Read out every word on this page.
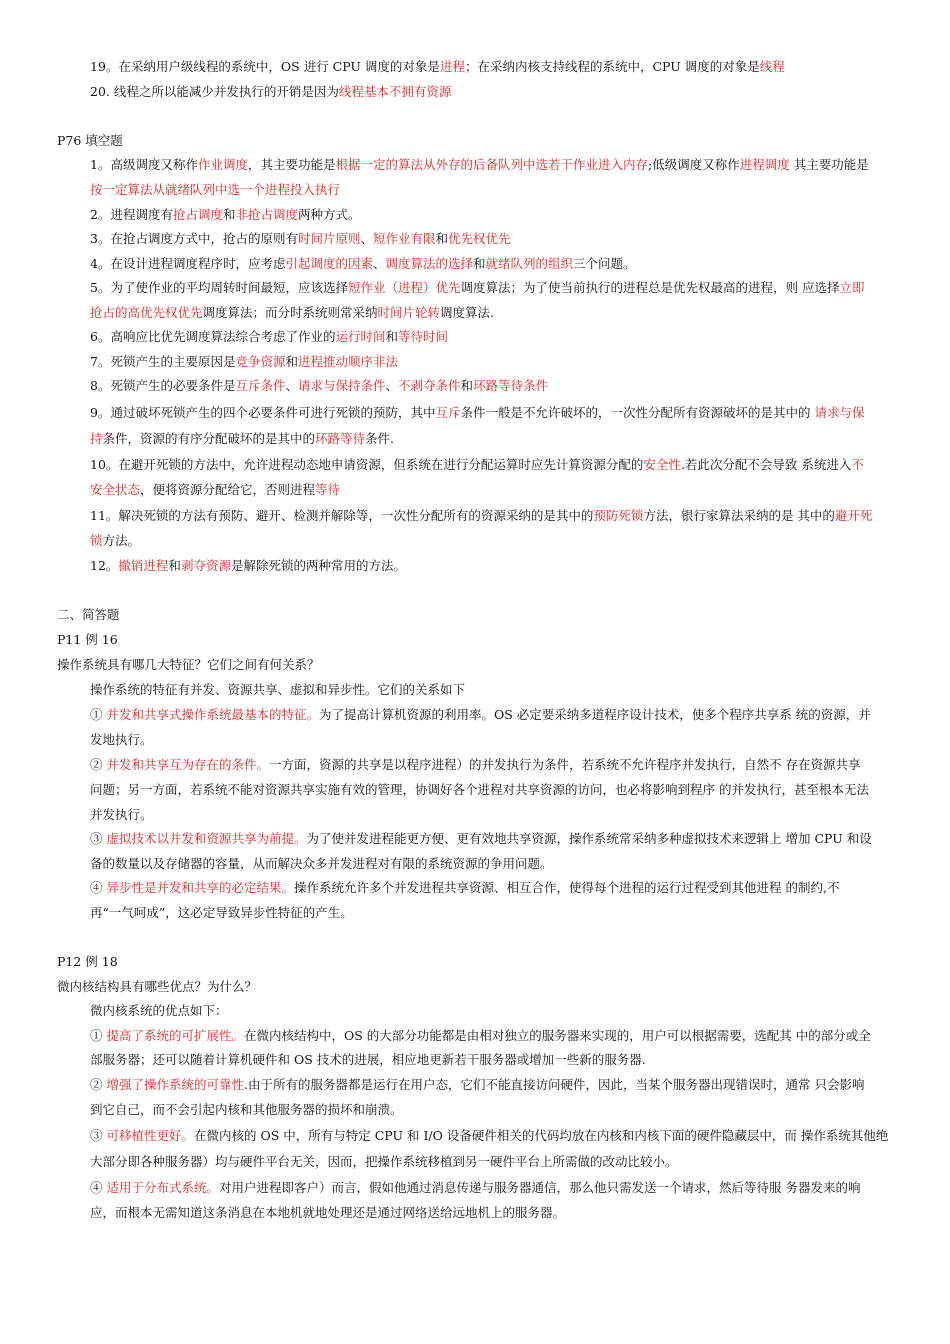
19。在采纳用户级线程的系统中，OS 进行 CPU 调度的对象是进程；在采纳内核支持线程的系统中，CPU 调度的对象是线程
20. 线程之所以能减少并发执行的开销是因为线程基本不拥有资源
P76 填空题
1。高级调度又称作作业调度，其主要功能是根据一定的算法从外存的后备队列中选若干作业进入内存;低级调度又称作进程调度 其主要功能是
按一定算法从就绪队列中选一个进程投入执行
2。进程调度有抢占调度和非抢占调度两种方式。
3。在抢占调度方式中，抢占的原则有时间片原则、短作业有限和优先权优先
4。在设计进程调度程序时，应考虑引起调度的因素、调度算法的选择和就绪队列的组织三个问题。
5。为了使作业的平均周转时间最短，应该选择短作业（进程）优先调度算法；为了使当前执行的进程总是优先权最高的进程，则 应选择立即
抢占的高优先权优先调度算法；而分时系统则常采纳时间片轮转调度算法.
6。高响应比优先调度算法综合考虑了作业的运行时间和等待时间
7。死锁产生的主要原因是竞争资源和进程推动顺序非法
8。死锁产生的必要条件是互斥条件、请求与保持条件、不剥夺条件和环路等待条件
9。通过破坏死锁产生的四个必要条件可进行死锁的预防，其中互斥条件一般是不允许破坏的，一次性分配所有资源破坏的是其中的 请求与保
持条件，资源的有序分配破坏的是其中的环路等待条件.
10。在避开死锁的方法中，允许进程动态地申请资源，但系统在进行分配运算时应先计算资源分配的安全性.若此次分配不会导致 系统进入不
安全状态，便将资源分配给它，否则进程等待
11。解决死锁的方法有预防、避开、检测并解除等，一次性分配所有的资源采纳的是其中的预防死锁方法，银行家算法采纳的是 其中的避开死
锁方法。
12。撤销进程和剥夺资源是解除死锁的两种常用的方法。
二、简答题
P11 例 16
操作系统具有哪几大特征？它们之间有何关系？
操作系统的特征有并发、资源共享、虚拟和异步性。它们的关系如下
① 并发和共享式操作系统最基本的特征。为了提高计算机资源的利用率。OS 必定要采纳多道程序设计技术，使多个程序共享系 统的资源，并
发地执行。
② 并发和共享互为存在的条件。一方面，资源的共享是以程序进程）的并发执行为条件，若系统不允许程序并发执行，自然不 存在资源共享
问题；另一方面，若系统不能对资源共享实施有效的管理，协调好各个进程对共享资源的访问，也必将影响到程序 的并发执行，甚至根本无法
并发执行。
③ 虚拟技术以并发和资源共享为前提。为了使并发进程能更方便、更有效地共享资源，操作系统常采纳多种虚拟技术来逻辑上 增加 CPU 和设
备的数量以及存储器的容量，从而解决众多并发进程对有限的系统资源的争用问题。
④ 异步性是并发和共享的必定结果。操作系统允许多个并发进程共享资源、相互合作，使得每个进程的运行过程受到其他进程 的制约,不
再“一气呵成”，这必定导致异步性特征的产生。
P12 例 18
微内核结构具有哪些优点？为什么？
微内核系统的优点如下：
① 提高了系统的可扩展性。在微内核结构中，OS 的大部分功能都是由相对独立的服务器来实现的，用户可以根据需要，选配其 中的部分或全
部服务器；还可以随着计算机硬件和 OS 技术的进展，相应地更新若干服务器或增加一些新的服务器.
② 增强了操作系统的可靠性.由于所有的服务器都是运行在用户态，它们不能直接访问硬件，因此，当某个服务器出现错误时，通常 只会影响
到它自己，而不会引起内核和其他服务器的损坏和崩溃。
③ 可移植性更好。在微内核的 OS 中，所有与特定 CPU 和 I/O 设备硬件相关的代码均放在内核和内核下面的硬件隐藏层中，而 操作系统其他绝
大部分即各种服务器）均与硬件平台无关，因而，把操作系统移植到另一硬件平台上所需做的改动比较小。
④ 适用于分布式系统。对用户进程即客户）而言，假如他通过消息传递与服务器通信，那么他只需发送一个请求，然后等待服 务器发来的响
应，而根本无需知道这条消息在本地机就地处理还是通过网络送给远地机上的服务器。
